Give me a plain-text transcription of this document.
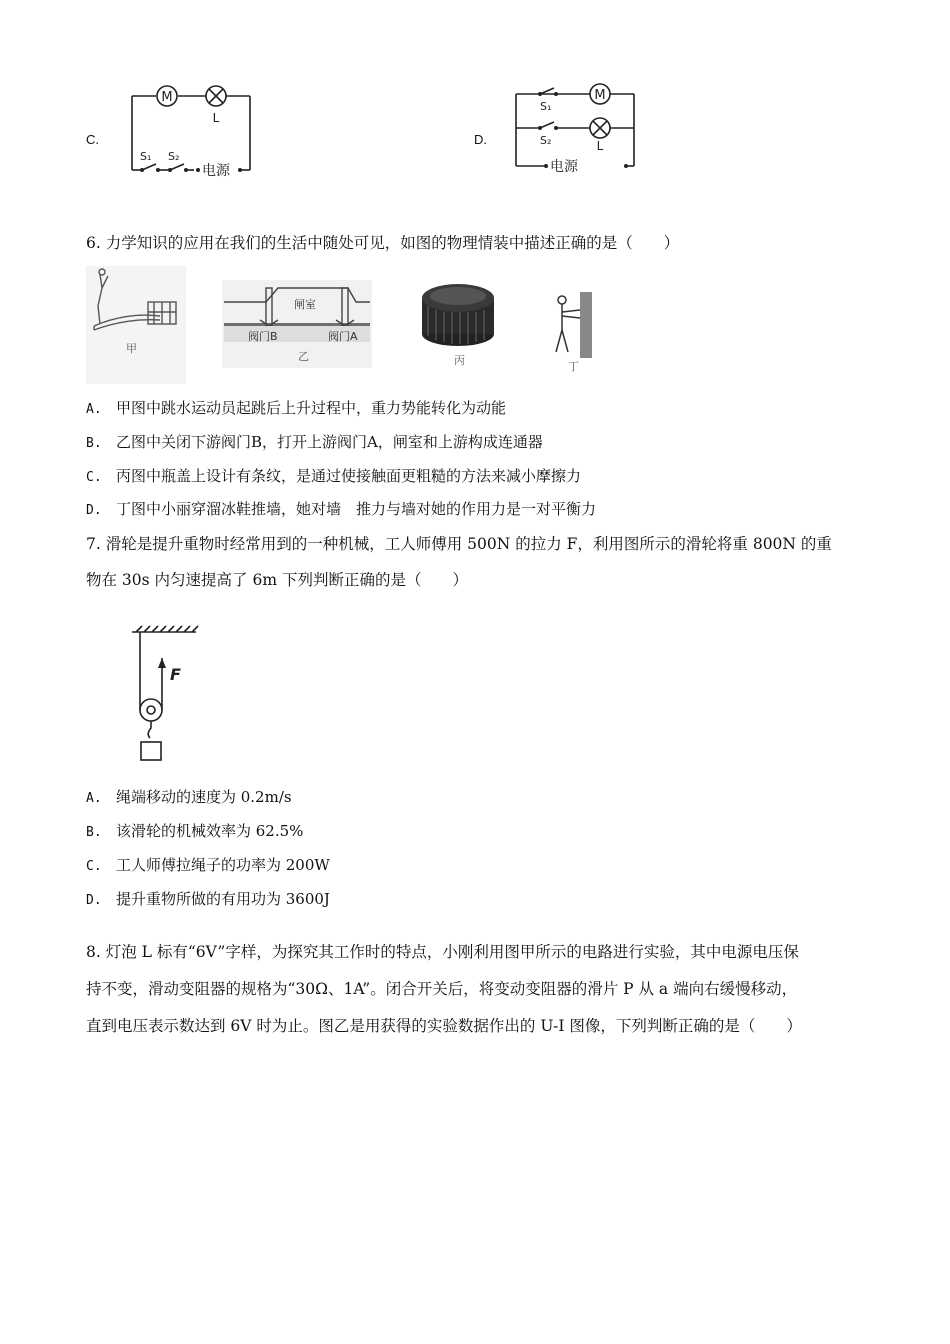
C.
M
L
S₁ S₂
电源
D.
M
L
S₁
S₂
电源
6. 力学知识的应用在我们的生活中随处可见，如图的物理情装中描述正确的是（　　）
甲
闸室
阀门B	阀门A
乙	丙	丁
A. 甲图中跳水运动员起跳后上升过程中，重力势能转化为动能
B. 乙图中关闭下游阀门B，打开上游阀门A，闸室和上游构成连通器
C. 丙图中瓶盖上设计有条纹，是通过使接触面更粗糙的方法来减小摩擦力
D. 丁图中小丽穿溜冰鞋推墙，她对墙　推力与墙对她的作用力是一对平衡力
7. 滑轮是提升重物时经常用到的一种机械，工人师傅用 500N 的拉力 F，利用图所示的滑轮将重 800N 的重
物在 30s 内匀速提高了 6m 下列判断正确的是（　　）
F
A. 绳端移动的速度为 0.2m/s
B. 该滑轮的机械效率为 62.5%
C. 工人师傅拉绳子的功率为 200W
D. 提升重物所做的有用功为 3600J
8. 灯泡 L 标有“6V”字样，为探究其工作时的特点，小刚利用图甲所示的电路进行实验，其中电源电压保
持不变，滑动变阻器的规格为“30Ω、1A”。闭合开关后，将变动变阻器的滑片 P 从 a 端向右缓慢移动，
直到电压表示数达到 6V 时为止。图乙是用获得的实验数据作出的 U-I 图像，下列判断正确的是（　　）
